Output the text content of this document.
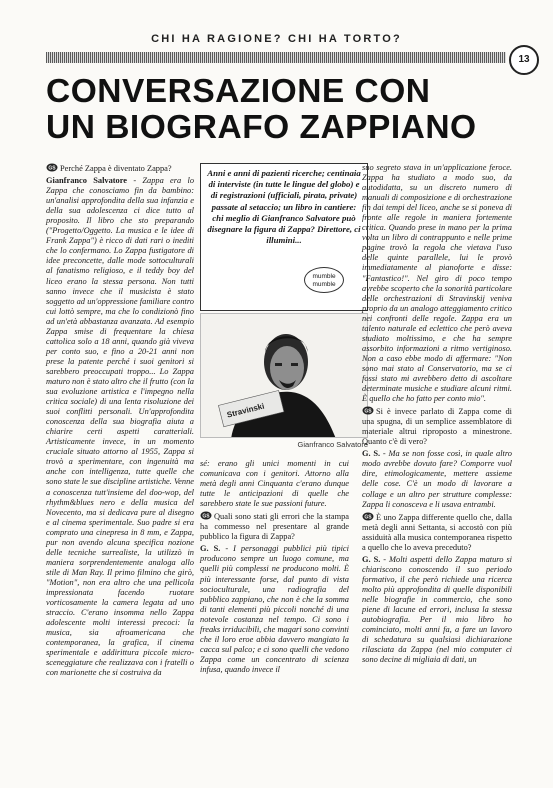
CHI HA RAGIONE? CHI HA TORTO?
13
CONVERSAZIONE CON
UN BIOGRAFO ZAPPIANO

GS Perché Zappa è diventato Zappa?

Gianfranco Salvatore - Zappa era lo Zappa che conosciamo fin da bambino: un'analisi approfondita della sua infanzia e della sua adolescenza ci dice tutto al proposito. Il libro che sto preparando ("Progetto/Oggetto. La musica e le idee di Frank Zappa") è ricco di dati rari o inediti che lo confermano. Lo Zappa fustigatore di idee preconcette, dalle mode sottoculturali al fanatismo religioso, e il teddy boy del liceo erano la stessa persona. Non tutti sanno invece che il musicista è stato soggetto ad un'oppressione familiare contro cui lottò sempre, ma che lo condizionò fino ad un'età abbastanza avanzata. Ad esempio Zappa smise di frequentare la chiesa cattolica solo a 18 anni, quando già viveva per conto suo, e fino a 20-21 anni non prese la patente perché i suoi genitori si sarebbero preoccupati troppo... Lo Zappa maturo non è stato altro che il frutto (con la sua evoluzione artistica e l'impegno nella critica sociale) di una lenta risoluzione dei suoi conflitti personali. Un'approfondita conoscenza della sua biografia aiuta a chiarire certi aspetti caratteriali. Artisticamente invece, in un momento cruciale situato attorno al 1955, Zappa si trovò a sperimentare, con ingenuità ma anche con intelligenza, tutte quelle che sono state le sue discipline artistiche. Venne a conoscenza tutt'insieme del doo-wop, del rhythm&blues nero e della musica del Novecento, ma si dedicava pure al disegno e al cinema sperimentale. Suo padre si era comprato una cinepresa in 8 mm, e Zappa, pur non avendo alcuna specifica nozione delle tecniche surrealiste, la utilizzò in maniera sorprendentemente analoga allo stile di Man Ray. Il primo filmino che girò, "Motion", non era altro che una pellicola impressionata facendo ruotare vorticosamente la camera legata ad uno straccio. C'erano insomma nello Zappa adolescente molti interessi precoci: la musica, sia afroamericana che contemporanea, la grafica, il cinema sperimentale e addirittura piccole micro-sceneggiature che realizzava con i fratelli o con marionette che si costruiva da

Anni e anni di pazienti ricerche; centinaia di interviste (in tutte le lingue del globo) e di registrazioni (ufficiali, pirata, private) passate al setaccio; un libro in cantiere: chi meglio di Gianfranco Salvatore può disegnare la figura di Zappa? Direttore, ci illumini...
Stravinski
mumble mumble
Gianfranco Salvatore

sé: erano gli unici momenti in cui comunicava con i genitori. Attorno alla metà degli anni Cinquanta c'erano dunque tutte le anticipazioni di quelle che sarebbero state le sue passioni future.

GS Quali sono stati gli errori che la stampa ha commesso nel presentare al grande pubblico la figura di Zappa?

G. S. - I personaggi pubblici più tipici producono sempre un luogo comune, ma quelli più complessi ne producono molti. È più interessante forse, dal punto di vista socioculturale, una radiografia del pubblico zappiano, che non è che la somma di tanti elementi più piccoli nonché di una notevole costanza nel tempo. Ci sono i freaks irriducibili, che magari sono convinti che il loro eroe abbia davvero mangiato la cacca sul palco; e ci sono quelli che vedono Zappa come un concentrato di scienza infusa, quando invece il

suo segreto stava in un'applicazione feroce. Zappa ha studiato a modo suo, da autodidatta, su un discreto numero di manuali di composizione e di orchestrazione fin dai tempi del liceo, anche se si poneva di fronte alle regole in maniera fortemente critica. Quando prese in mano per la prima volta un libro di contrappunto e nelle prime pagine trovò la regola che vietava l'uso delle quinte parallele, lui le provò immediatamente al pianoforte e disse: "Fantastico!". Nel giro di poco tempo avrebbe scoperto che la sonorità particolare delle orchestrazioni di Stravinskij veniva proprio da un analogo atteggiamento critico nei confronti delle regole. Zappa era un talento naturale ed eclettico che però aveva studiato moltissimo, e che ha sempre assorbito informazioni a ritmo vertiginoso. Non a caso ebbe modo di affermare: "Non sono mai stato al Conservatorio, ma se ci fossi stato mi avrebbero detto di ascoltare determinate musiche e studiare alcuni ritmi. È quello che ho fatto per conto mio".

GS Si è invece parlato di Zappa come di una spugna, di un semplice assemblatore di materiale altrui riproposto a minestrone. Quanto c'è di vero?

G. S. - Ma se non fosse così, in quale altro modo avrebbe dovuto fare? Comporre vuol dire, etimologicamente, mettere assieme delle cose. C'è un modo di lavorare a collage e un altro per strutture complesse: Zappa li conosceva e li usava entrambi.

GS È uno Zappa differente quello che, dalla metà degli anni Settanta, si accostò con più assiduità alla musica contemporanea rispetto a quello che lo aveva preceduto?

G. S. - Molti aspetti dello Zappa maturo si chiariscono conoscendo il suo periodo formativo, il che però richiede una ricerca molto più approfondita di quelle disponibili nelle biografie in commercio, che sono piene di lacune ed errori, inclusa la stessa autobiografia. Per il mio libro ho cominciato, molti anni fa, a fare un lavoro di schedatura su qualsiasi dichiarazione rilasciata da Zappa (nel mio computer ci sono decine di migliaia di dati, un
